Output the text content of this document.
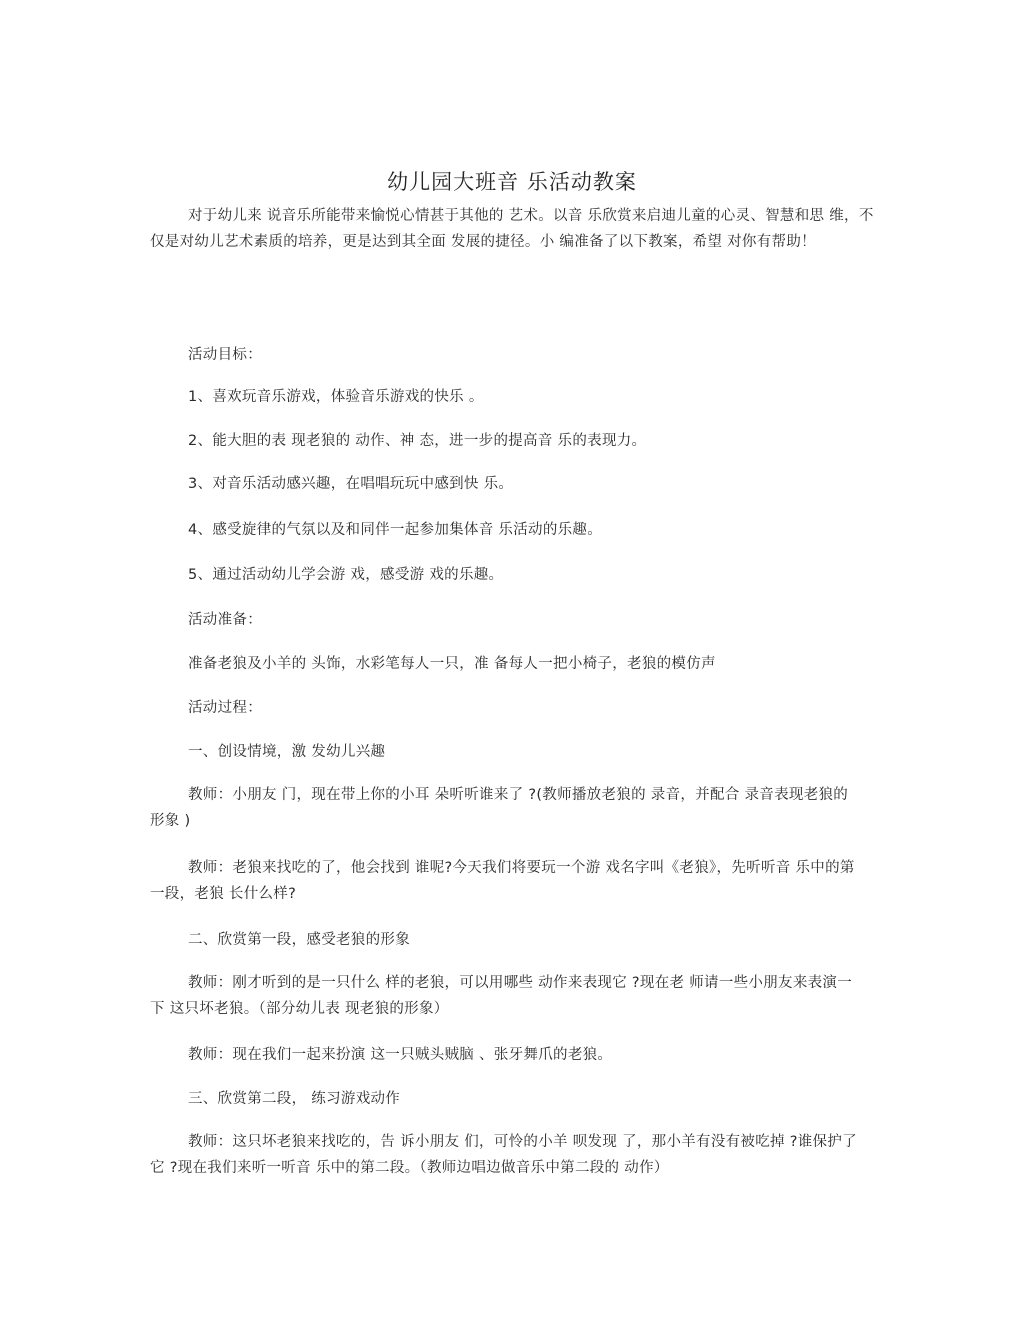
幼儿园大班音 乐活动教案
对于幼儿来 说音乐所能带来愉悦心情甚于其他的 艺术。以音 乐欣赏来启迪儿童的心灵、智慧和思 维，不仅是对幼儿艺术素质的培养，更是达到其全面 发展的捷径。小 编准备了以下教案，希望 对你有帮助！
活动目标：
1、喜欢玩音乐游戏，体验音乐游戏的快乐 。
2、能大胆的表 现老狼的 动作、神 态，进一步的提高音 乐的表现力。
3、对音乐活动感兴趣，在唱唱玩玩中感到快 乐。
4、感受旋律的气氛以及和同伴一起参加集体音 乐活动的乐趣。
5、通过活动幼儿学会游 戏，感受游 戏的乐趣。
活动准备：
准备老狼及小羊的 头饰，水彩笔每人一只，准 备每人一把小椅子，老狼的模仿声
活动过程：
一、创设情境，激 发幼儿兴趣
教师：小朋友 门，现在带上你的小耳 朵听听谁来了 ?(教师播放老狼的 录音，并配合 录音表现老狼的形象 )
教师：老狼来找吃的了，他会找到 谁呢?今天我们将要玩一个游 戏名字叫《老狼》，先听听音 乐中的第一段，老狼 长什么样?
二、欣赏第一段，感受老狼的形象
教师：刚才听到的是一只什么 样的老狼，可以用哪些 动作来表现它 ?现在老 师请一些小朋友来表演一下 这只坏老狼。（部分幼儿表 现老狼的形象）
教师：现在我们一起来扮演 这一只贼头贼脑 、张牙舞爪的老狼。
三、欣赏第二段， 练习游戏动作
教师：这只坏老狼来找吃的，告 诉小朋友 们，可怜的小羊 呗发现 了，那小羊有没有被吃掉 ?谁保护了它 ?现在我们来听一听音 乐中的第二段。（教师边唱边做音乐中第二段的 动作）
